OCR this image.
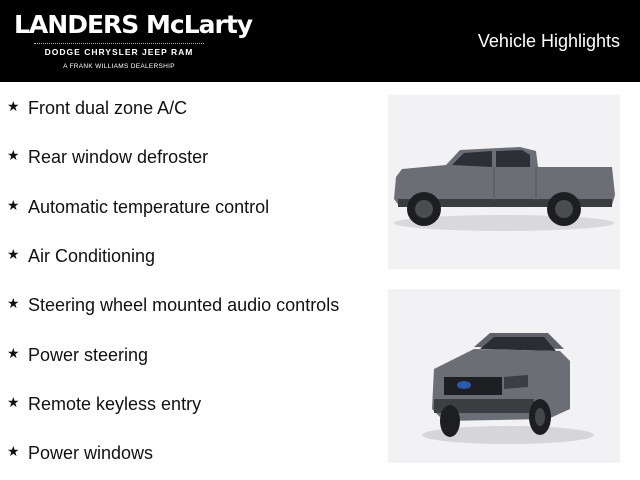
LANDERS McLarty
DODGE CHRYSLER JEEP RAM
A FRANK WILLIAMS DEALERSHIP
Vehicle Highlights
★ Front dual zone A/C
★ Rear window defroster
★ Automatic temperature control
★ Air Conditioning
★ Steering wheel mounted audio controls
★ Power steering
★ Remote keyless entry
★ Power windows
